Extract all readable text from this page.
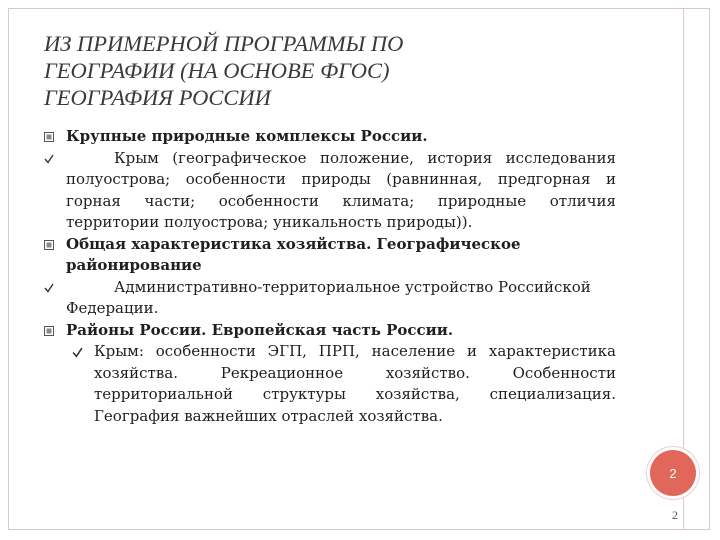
ИЗ ПРИМЕРНОЙ ПРОГРАММЫ ПО
ГЕОГРАФИИ (НА ОСНОВЕ ФГОС)
ГЕОГРАФИЯ РОССИИ
Крупные природные комплексы России.
Крым (географическое положение, история исследования полуострова; особенности природы (равнинная, предгорная и горная части; особенности климата; природные отличия территории полуострова; уникальность природы)).
Общая характеристика хозяйства. Географическое районирование
Административно-территориальное устройство Российской Федерации.
Районы России. Европейская часть России.
Крым: особенности ЭГП, ПРП, население и характеристика хозяйства. Рекреационное хозяйство. Особенности территориальной структуры хозяйства, специализация. География важнейших отраслей хозяйства.
2
2
